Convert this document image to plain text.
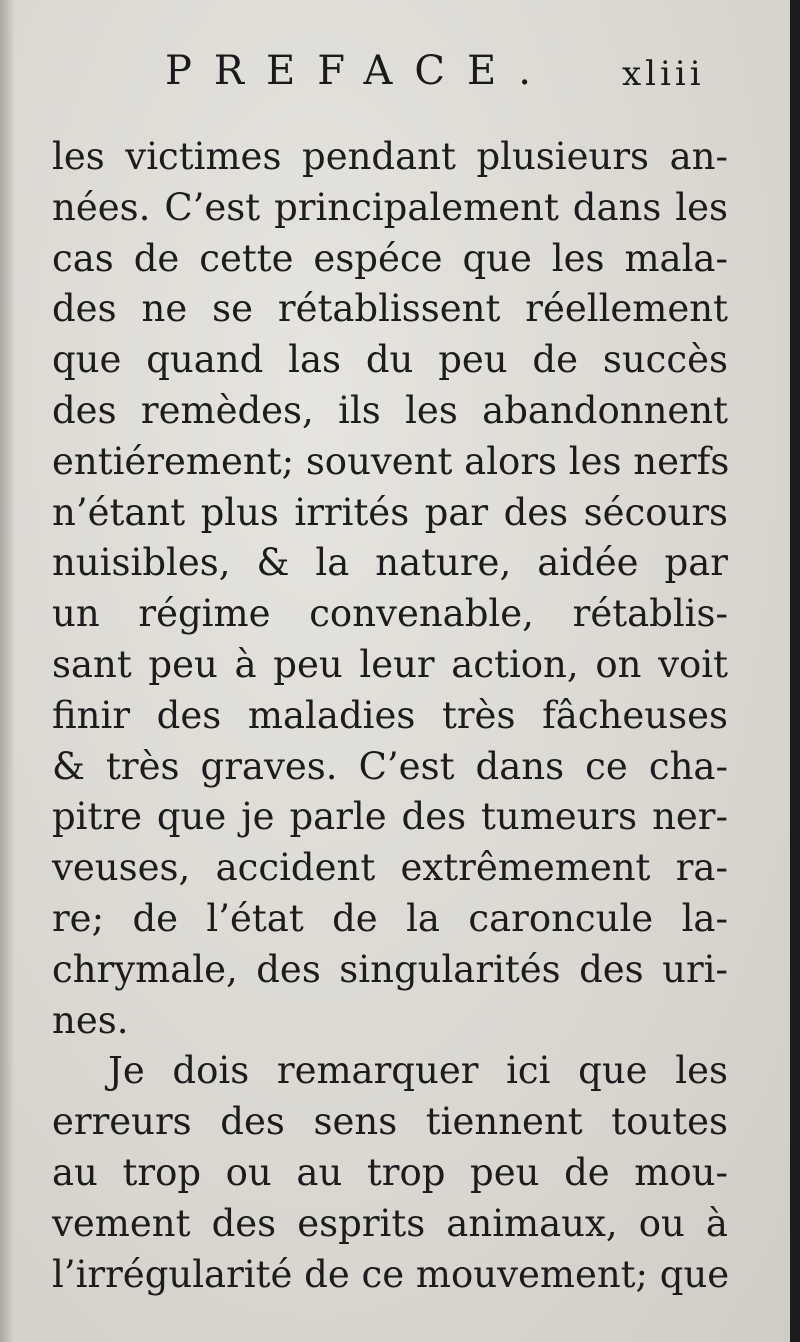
PREFACE. xliii
les victimes pendant plusieurs an-
nées. C’est principalement dans les
cas de cette espéce que les mala-
des ne se rétablissent réellement
que quand las du peu de succès
des remèdes, ils les abandonnent
entiérement; souvent alors les nerfs
n’étant plus irrités par des sécours
nuisibles, & la nature, aidée par
un régime convenable, rétablis-
sant peu à peu leur action, on voit
finir des maladies très fâcheuses
& très graves. C’est dans ce cha-
pitre que je parle des tumeurs ner-
veuses, accident extrêmement ra-
re; de l’état de la caroncule la-
chrymale, des singularités des uri-
nes.
Je dois remarquer ici que les
erreurs des sens tiennent toutes
au trop ou au trop peu de mou-
vement des esprits animaux, ou à
l’irrégularité de ce mouvement; que
